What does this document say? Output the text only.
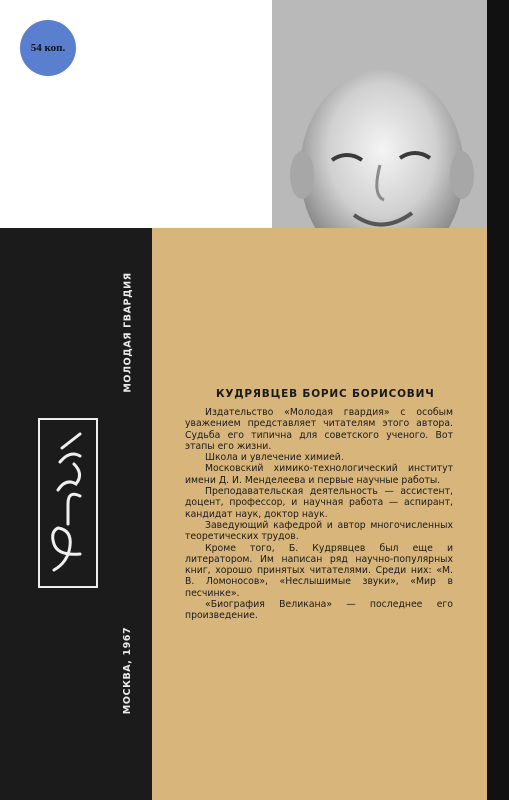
54 коп.
МОЛОДАЯ ГВАРДИЯ
МОСКВА, 1967
КУДРЯВЦЕВ БОРИС БОРИСОВИЧ

Издательство «Молодая гвардия» с особым уважением представляет читателям этого автора. Судьба его типична для советского ученого. Вот этапы его жизни.

Школа и увлечение химией.

Московский химико-технологический институт имени Д. И. Менделеева и первые научные работы.

Преподавательская деятельность — ассистент, доцент, профессор, и научная работа — аспирант, кандидат наук, доктор наук.

Заведующий кафедрой и автор многочисленных теоретических трудов.

Кроме того, Б. Кудрявцев был еще и литератором. Им написан ряд научно-популярных книг, хорошо принятых читателями. Среди них: «М. В. Ломоносов», «Неслышимые звуки», «Мир в песчинке».

«Биография Великана» — последнее его произведение.
